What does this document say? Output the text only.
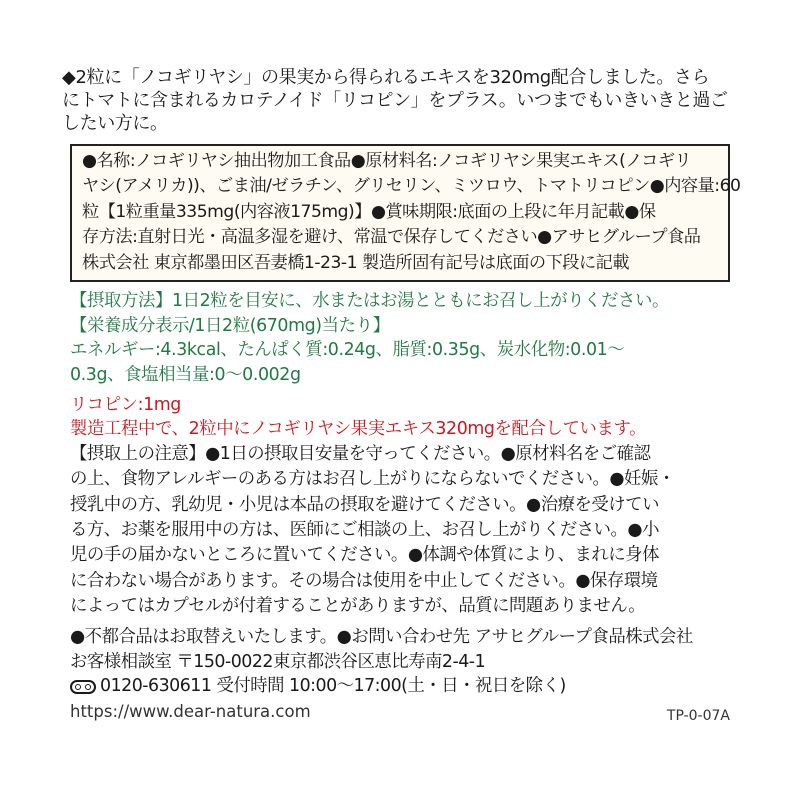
◆2粒に「ノコギリヤシ」の果実から得られるエキスを320mg配合しました。さら
にトマトに含まれるカロテノイド「リコピン」をプラス。いつまでもいきいきと過ご
したい方に。
●名称:ノコギリヤシ抽出物加工食品●原材料名:ノコギリヤシ果実エキス(ノコギリ
ヤシ(アメリカ))、ごま油/ゼラチン、グリセリン、ミツロウ、トマトリコピン●内容量:60
粒【1粒重量335mg(内容液175mg)】●賞味期限:底面の上段に年月記載●保
存方法:直射日光・高温多湿を避け、常温で保存してください●アサヒグループ食品
株式会社 東京都墨田区吾妻橋1-23-1 製造所固有記号は底面の下段に記載
【摂取方法】1日2粒を目安に、水またはお湯とともにお召し上がりください。
【栄養成分表示/1日2粒(670mg)当たり】
エネルギー:4.3kcal、たんぱく質:0.24g、脂質:0.35g、炭水化物:0.01～
0.3g、食塩相当量:0～0.002g
リコピン:1mg
製造工程中で、2粒中にノコギリヤシ果実エキス320mgを配合しています。
【摂取上の注意】●1日の摂取目安量を守ってください。●原材料名をご確認
の上、食物アレルギーのある方はお召し上がりにならないでください。●妊娠・
授乳中の方、乳幼児・小児は本品の摂取を避けてください。●治療を受けてい
る方、お薬を服用中の方は、医師にご相談の上、お召し上がりください。●小
児の手の届かないところに置いてください。●体調や体質により、まれに身体
に合わない場合があります。その場合は使用を中止してください。●保存環境
によってはカプセルが付着することがありますが、品質に問題ありません。
●不都合品はお取替えいたします。●お問い合わせ先 アサヒグループ食品株式会社
お客様相談室 〒150-0022東京都渋谷区恵比寿南2-4-1
0120-630611 受付時間 10:00～17:00(土・日・祝日を除く)
https://www.dear-natura.com	TP-0-07A
